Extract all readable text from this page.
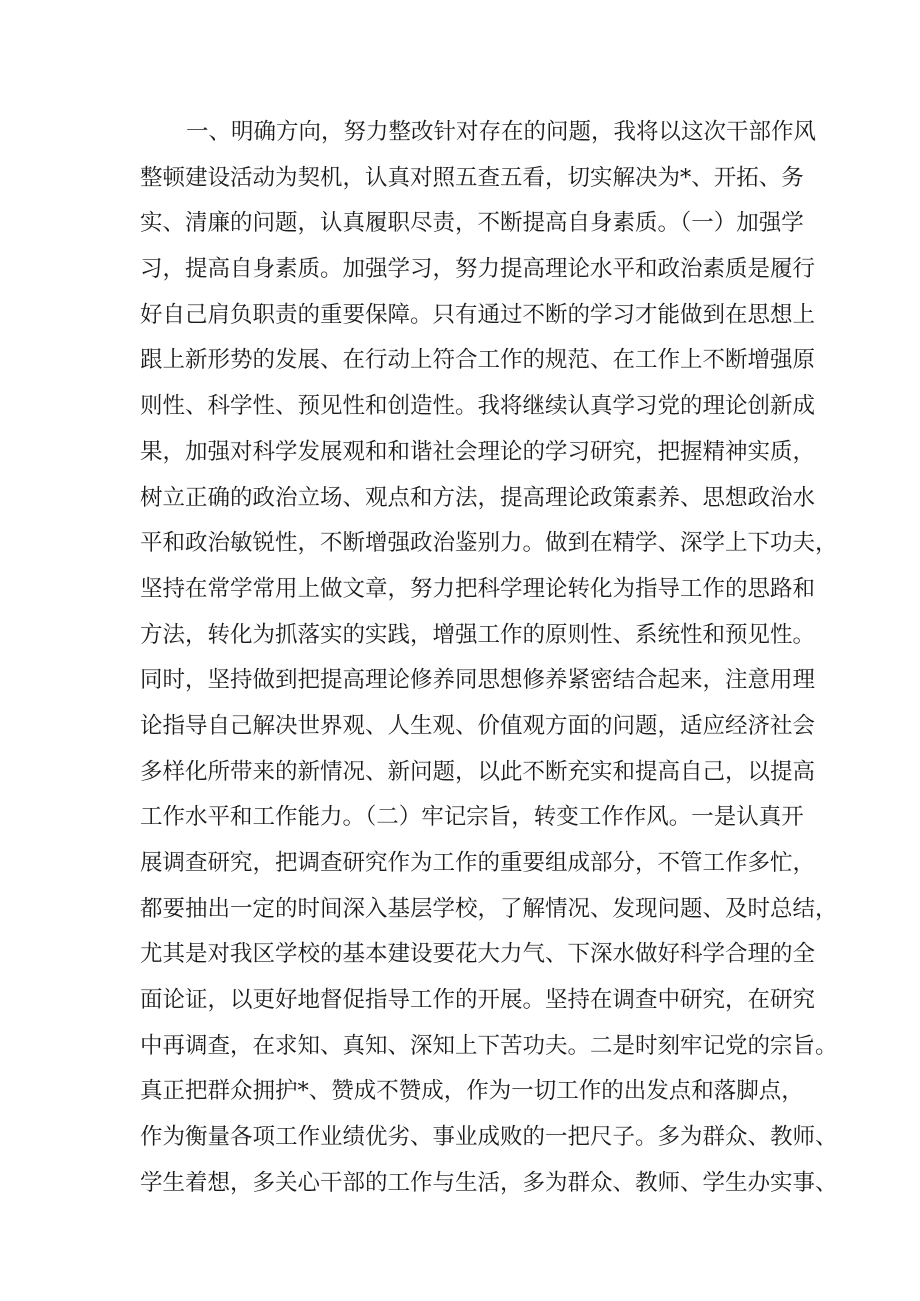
一、明确方向，努力整改针对存在的问题，我将以这次干部作风
整顿建设活动为契机，认真对照五查五看，切实解决为*、开拓、务
实、清廉的问题，认真履职尽责，不断提高自身素质。（一）加强学
习，提高自身素质。加强学习，努力提高理论水平和政治素质是履行
好自己肩负职责的重要保障。只有通过不断的学习才能做到在思想上
跟上新形势的发展、在行动上符合工作的规范、在工作上不断增强原
则性、科学性、预见性和创造性。我将继续认真学习党的理论创新成
果，加强对科学发展观和和谐社会理论的学习研究，把握精神实质，
树立正确的政治立场、观点和方法，提高理论政策素养、思想政治水
平和政治敏锐性，不断增强政治鉴别力。做到在精学、深学上下功夫，
坚持在常学常用上做文章，努力把科学理论转化为指导工作的思路和
方法，转化为抓落实的实践，增强工作的原则性、系统性和预见性。
同时，坚持做到把提高理论修养同思想修养紧密结合起来，注意用理
论指导自己解决世界观、人生观、价值观方面的问题，适应经济社会
多样化所带来的新情况、新问题，以此不断充实和提高自己，以提高
工作水平和工作能力。（二）牢记宗旨，转变工作作风。一是认真开
展调查研究，把调查研究作为工作的重要组成部分，不管工作多忙，
都要抽出一定的时间深入基层学校，了解情况、发现问题、及时总结，
尤其是对我区学校的基本建设要花大力气、下深水做好科学合理的全
面论证，以更好地督促指导工作的开展。坚持在调查中研究，在研究
中再调查，在求知、真知、深知上下苦功夫。二是时刻牢记党的宗旨。
真正把群众拥护*、赞成不赞成，作为一切工作的出发点和落脚点，
作为衡量各项工作业绩优劣、事业成败的一把尺子。多为群众、教师、
学生着想，多关心干部的工作与生活，多为群众、教师、学生办实事、
